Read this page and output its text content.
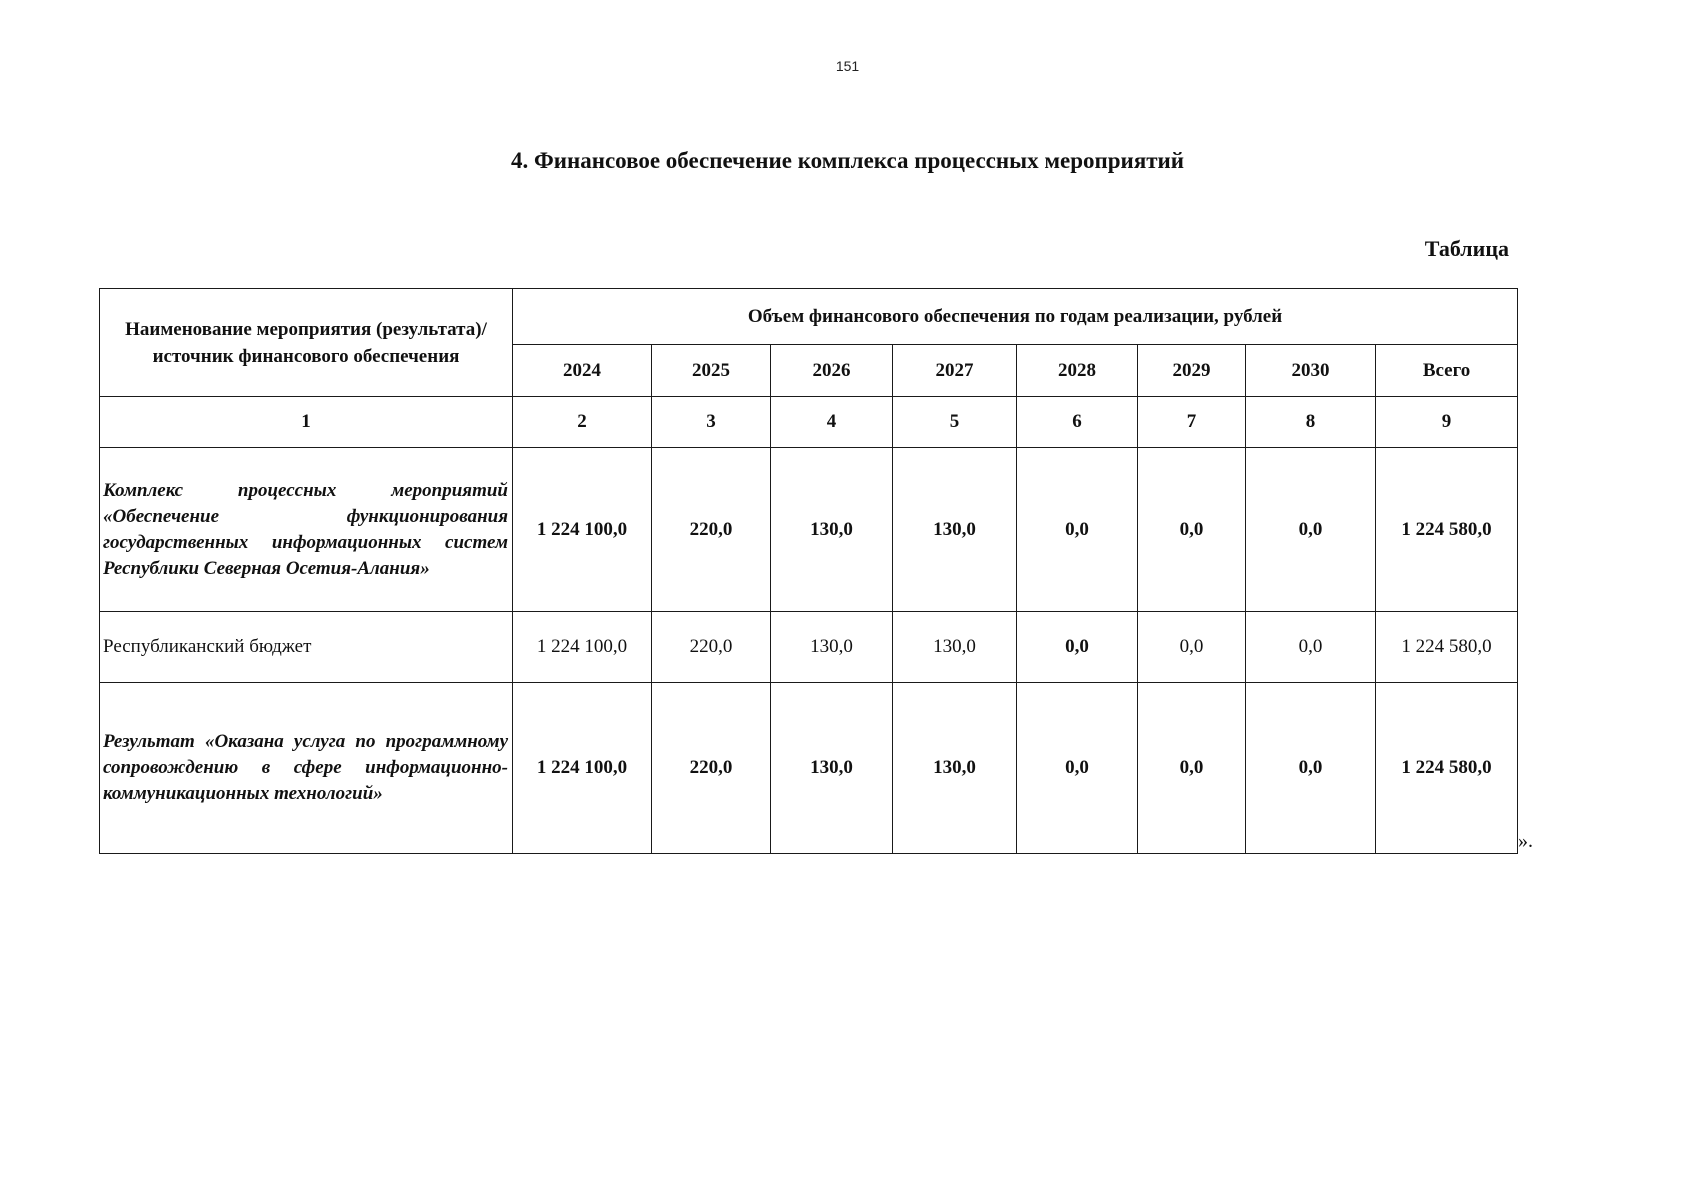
151
4. Финансовое обеспечение комплекса процессных мероприятий
Таблица
Наименование мероприятия (результата)/источник финансового обеспечения	Объем финансового обеспечения по годам реализации, рублей							
	2024	2025	2026	2027	2028	2029	2030	Всего
1	2	3	4	5	6	7	8	9
Комплекс процессных мероприятий «Обеспечение функционирования государственных информационных систем Республики Северная Осетия-Алания»	1 224 100,0	220,0	130,0	130,0	0,0	0,0	0,0	1 224 580,0
Республиканский бюджет	1 224 100,0	220,0	130,0	130,0	0,0	0,0	0,0	1 224 580,0
Результат «Оказана услуга по программному сопровождению в сфере информационно-коммуникационных технологий»	1 224 100,0	220,0	130,0	130,0	0,0	0,0	0,0	1 224 580,0
».
